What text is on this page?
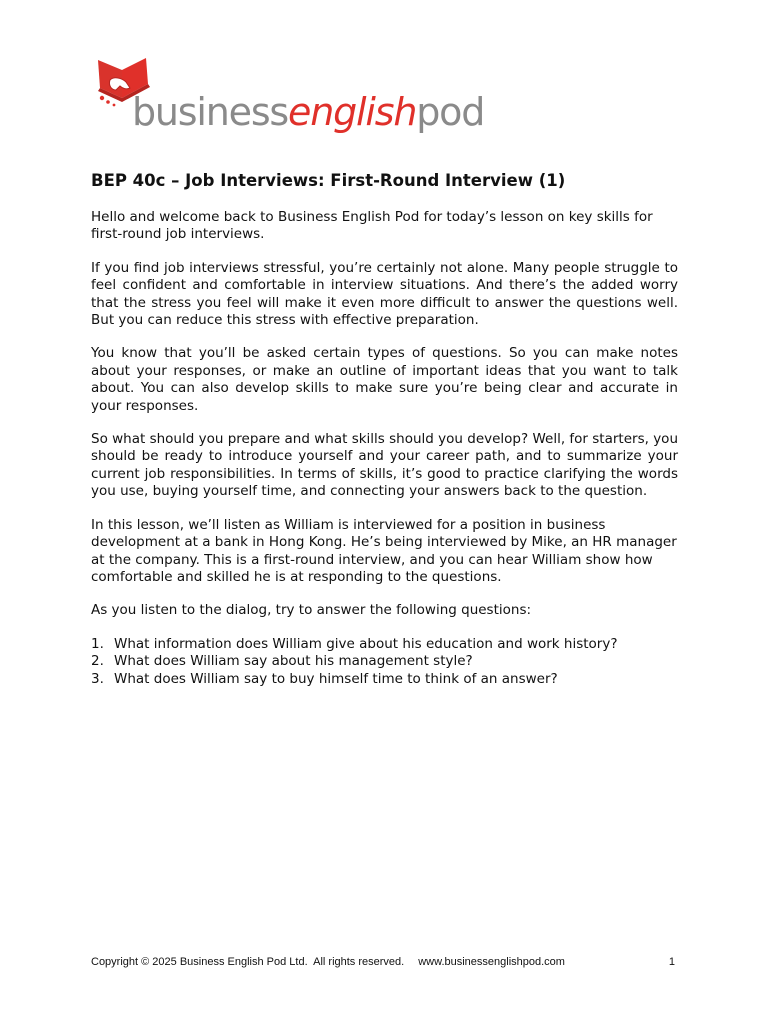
businessenglishpod
BEP 40c – Job Interviews: First-Round Interview (1)

Hello and welcome back to Business English Pod for today’s lesson on key skills for first-round job interviews.

If you find job interviews stressful, you’re certainly not alone. Many people struggle to feel confident and comfortable in interview situations. And there’s the added worry that the stress you feel will make it even more difficult to answer the questions well. But you can reduce this stress with effective preparation.

You know that you’ll be asked certain types of questions. So you can make notes about your responses, or make an outline of important ideas that you want to talk about. You can also develop skills to make sure you’re being clear and accurate in your responses.

So what should you prepare and what skills should you develop? Well, for starters, you should be ready to introduce yourself and your career path, and to summarize your current job responsibilities. In terms of skills, it’s good to practice clarifying the words you use, buying yourself time, and connecting your answers back to the question.

In this lesson, we’ll listen as William is interviewed for a position in business development at a bank in Hong Kong. He’s being interviewed by Mike, an HR manager at the company. This is a first-round interview, and you can hear William show how comfortable and skilled he is at responding to the questions.

As you listen to the dialog, try to answer the following questions:

1. What information does William give about his education and work history?
2. What does William say about his management style?
3. What does William say to buy himself time to think of an answer?
Copyright © 2025 Business English Pod Ltd.  All rights reserved. www.businessenglishpod.com	1
